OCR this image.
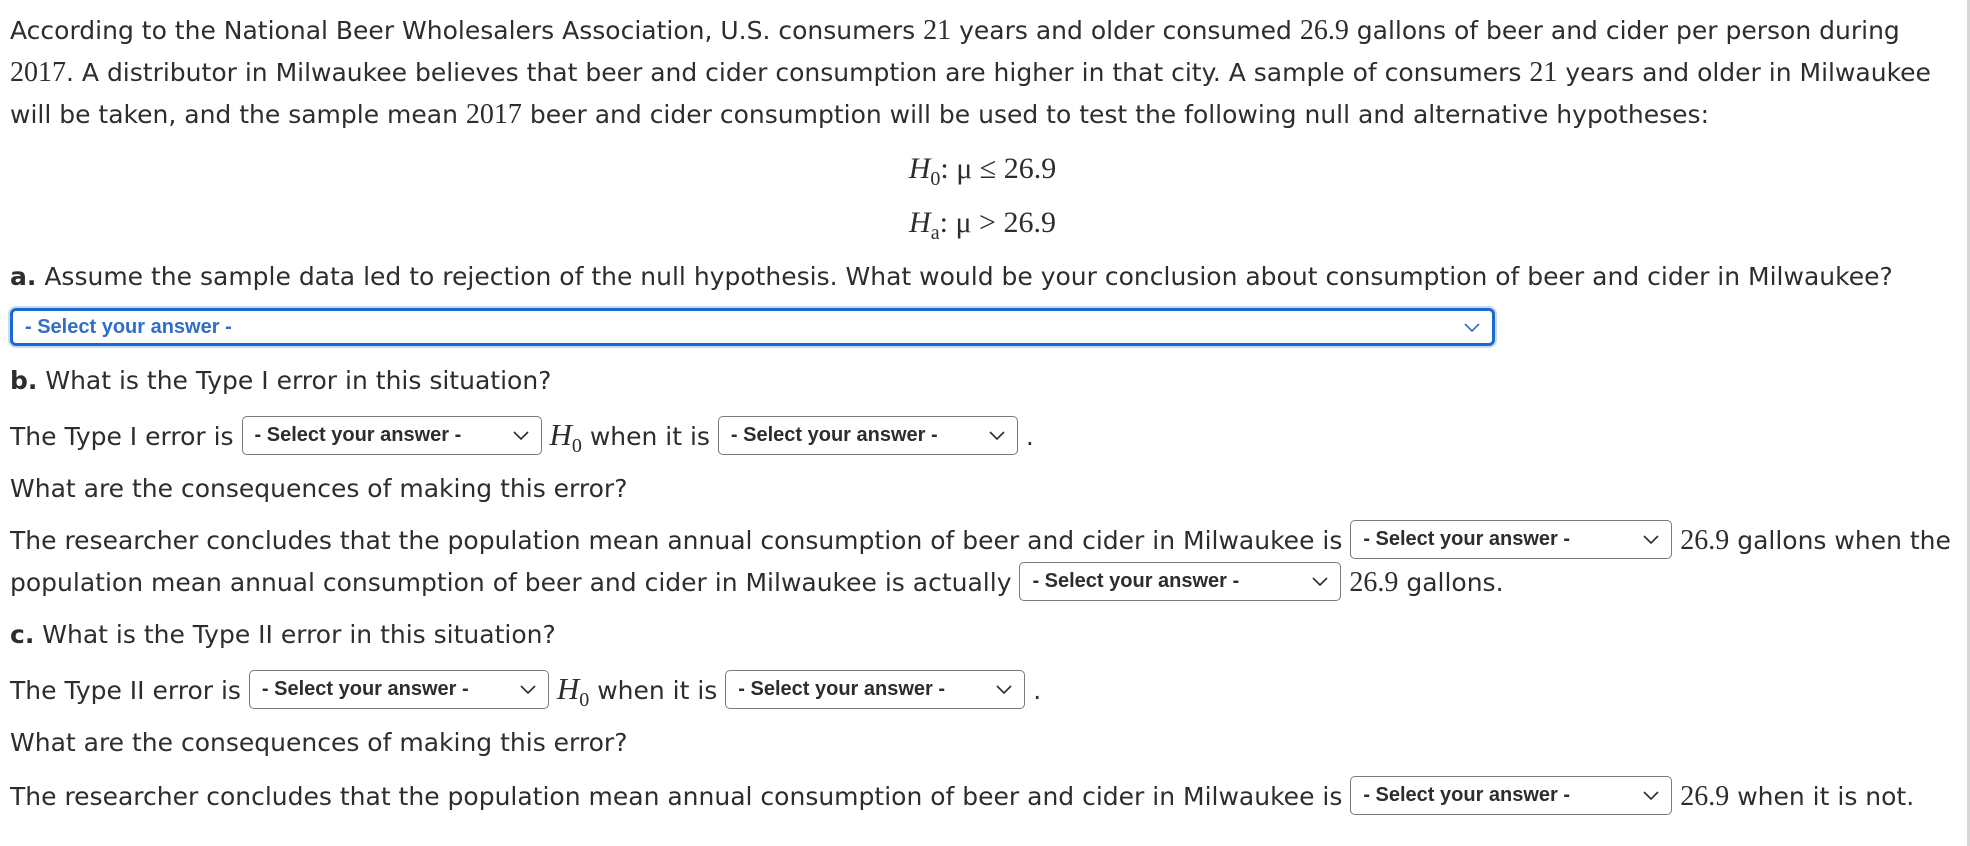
According to the National Beer Wholesalers Association, U.S. consumers 21 years and older consumed 26.9 gallons of beer and cider per person during 2017. A distributor in Milwaukee believes that beer and cider consumption are higher in that city. A sample of consumers 21 years and older in Milwaukee will be taken, and the sample mean 2017 beer and cider consumption will be used to test the following null and alternative hypotheses:

$H_0$: μ ≤ 26.9
$H_a$: μ > 26.9
a. Assume the sample data led to rejection of the null hypothesis. What would be your conclusion about consumption of beer and cider in Milwaukee?
- Select your answer -
b. What is the Type I error in this situation?
The Type I error is - Select your answer -	$H_0$ when it is - Select your answer -	.
What are the consequences of making this error?
The researcher concludes that the population mean annual consumption of beer and cider in Milwaukee is - Select your answer -	26.9 gallons when the
population mean annual consumption of beer and cider in Milwaukee is actually - Select your answer -	26.9 gallons.
c. What is the Type II error in this situation?
The Type II error is - Select your answer -	$H_0$ when it is - Select your answer -	.
What are the consequences of making this error?
The researcher concludes that the population mean annual consumption of beer and cider in Milwaukee is - Select your answer -	26.9 when it is not.
